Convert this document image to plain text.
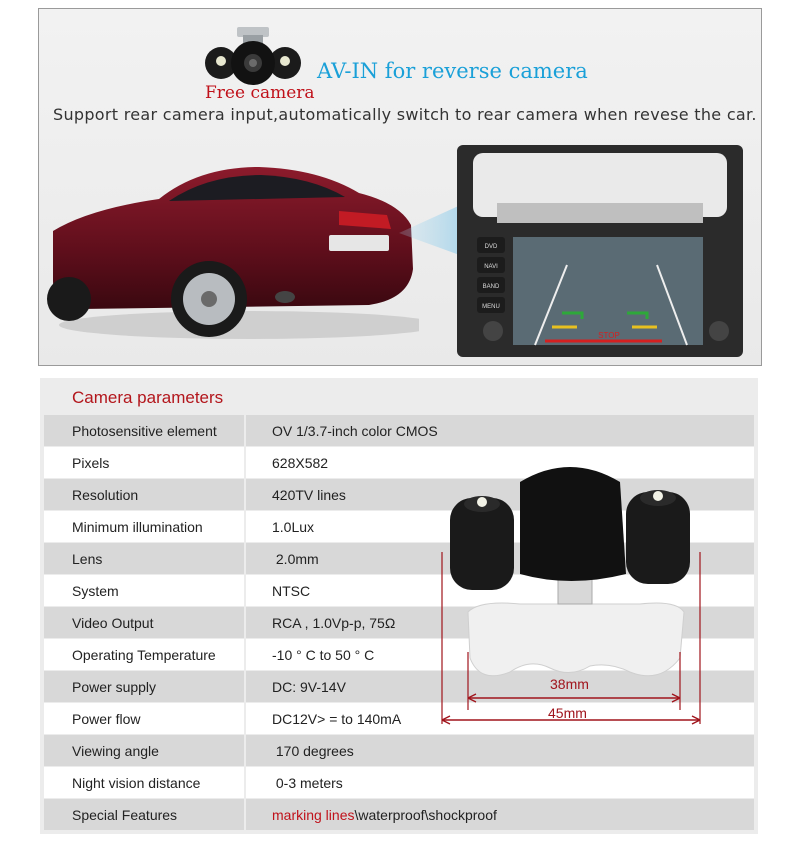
Free camera
AV-IN for reverse camera
Support rear camera input,automatically switch to rear camera when revese the car.
STOP
DVD
NAVI
BAND
MENU
Camera parameters
Photosensitive element	OV 1/3.7-inch color CMOS
Pixels	628X582
Resolution	420TV lines
Minimum illumination	1.0Lux
Lens	2.0mm
System	NTSC
Video Output	RCA , 1.0Vp-p, 75Ω
Operating Temperature	-10 ° C to 50 ° C
Power supply	DC: 9V-14V
Power flow	DC12V> = to 140mA
Viewing angle	170 degrees
Night vision distance	0-3 meters
Special Features	marking lines\waterproof\shockproof
38mm
45mm
